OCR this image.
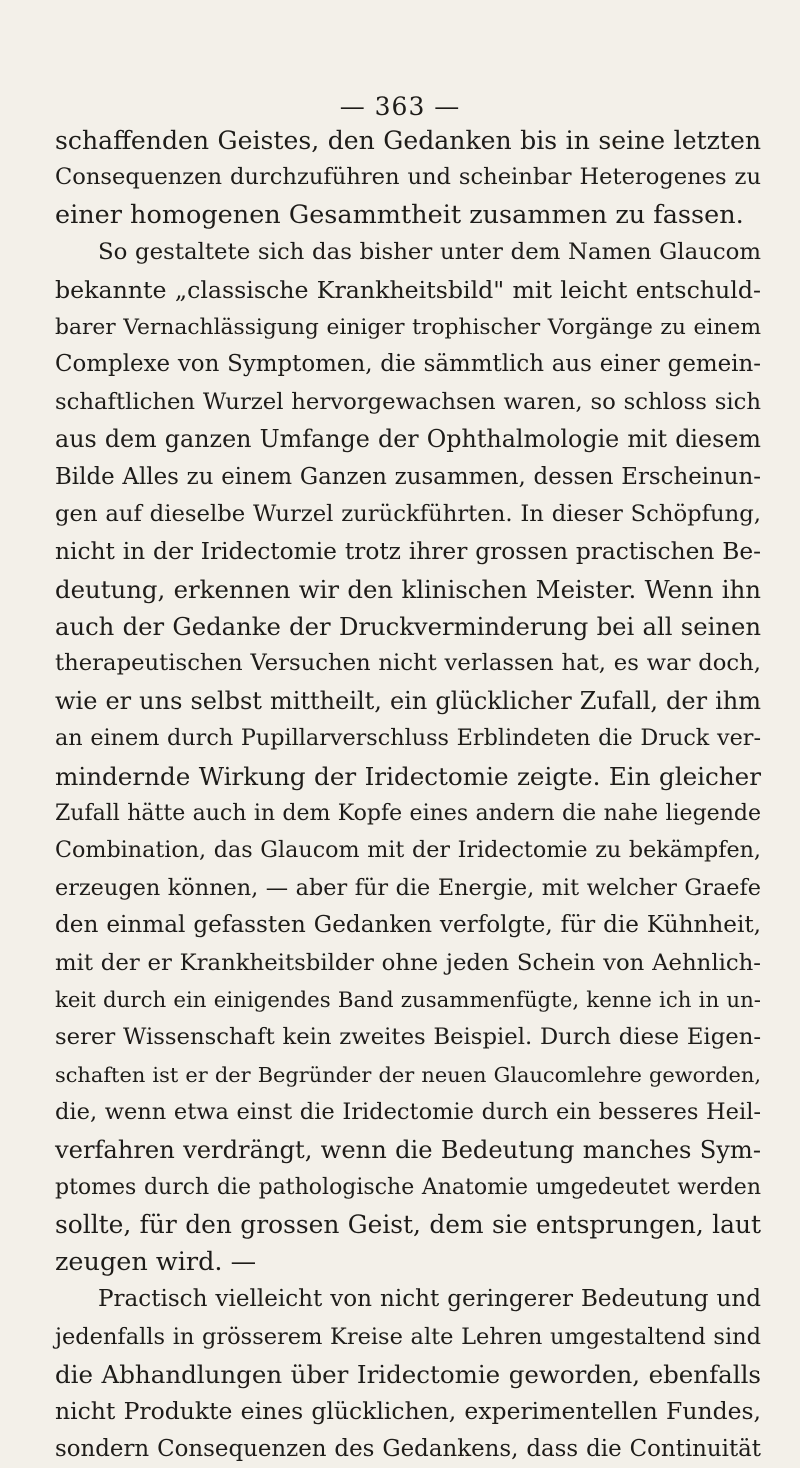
— 363 —
schaffenden Geistes, den Gedanken bis in seine letzten
Consequenzen durchzuführen und scheinbar Heterogenes zu
einer homogenen Gesammtheit zusammen zu fassen.
So gestaltete sich das bisher unter dem Namen Glaucom
bekannte „classische Krankheitsbild" mit leicht entschuld-
barer Vernachlässigung einiger trophischer Vorgänge zu einem
Complexe von Symptomen, die sämmtlich aus einer gemein-
schaftlichen Wurzel hervorgewachsen waren, so schloss sich
aus dem ganzen Umfange der Ophthalmologie mit diesem
Bilde Alles zu einem Ganzen zusammen, dessen Erscheinun-
gen auf dieselbe Wurzel zurückführten. In dieser Schöpfung,
nicht in der Iridectomie trotz ihrer grossen practischen Be-
deutung, erkennen wir den klinischen Meister. Wenn ihn
auch der Gedanke der Druckverminderung bei all seinen
therapeutischen Versuchen nicht verlassen hat, es war doch,
wie er uns selbst mittheilt, ein glücklicher Zufall, der ihm
an einem durch Pupillarverschluss Erblindeten die Druck ver-
mindernde Wirkung der Iridectomie zeigte. Ein gleicher
Zufall hätte auch in dem Kopfe eines andern die nahe liegende
Combination, das Glaucom mit der Iridectomie zu bekämpfen,
erzeugen können, — aber für die Energie, mit welcher Graefe
den einmal gefassten Gedanken verfolgte, für die Kühnheit,
mit der er Krankheitsbilder ohne jeden Schein von Aehnlich-
keit durch ein einigendes Band zusammenfügte, kenne ich in un-
serer Wissenschaft kein zweites Beispiel. Durch diese Eigen-
schaften ist er der Begründer der neuen Glaucomlehre geworden,
die, wenn etwa einst die Iridectomie durch ein besseres Heil-
verfahren verdrängt, wenn die Bedeutung manches Sym-
ptomes durch die pathologische Anatomie umgedeutet werden
sollte, für den grossen Geist, dem sie entsprungen, laut
zeugen wird. —
Practisch vielleicht von nicht geringerer Bedeutung und
jedenfalls in grösserem Kreise alte Lehren umgestaltend sind
die Abhandlungen über Iridectomie geworden, ebenfalls
nicht Produkte eines glücklichen, experimentellen Fundes,
sondern Consequenzen des Gedankens, dass die Continuität
